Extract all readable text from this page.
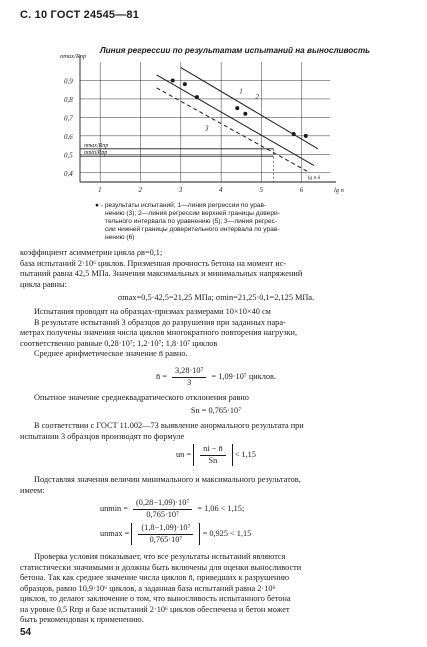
С. 10 ГОСТ 24545—81
Линия регрессии по результатам испытаний на выносливость
1	2	3	4	5	6
0,9
0,8
0,7
0,6
0,5
0,4
σmax/Rпр
σmin/Rпр
1
2
3
σmax/Rпр
lg n
lg n·δ
● - результаты испытаний; 1—линия регрессии по урав-
нению (3); 2—линия регрессии верхней границы довери-
тельного интервала по уравнению (5); 3—линия регрес-
сии нижней границы доверительного интервала по урав-
нению (6)
коэффициент асимметрии цикла ρв=0,1;
база испытаний 2·10⁶ циклов. Призменная прочность бетона на момент ис-
пытаний равна 42,5 МПа. Значения максимальных и минимальных напряжений
цикла равны:
σmax=0,5·42,5=21,25 МПа; σmin=21,25·0,1=2,125 МПа.
Испытания проводят на образцах-призмах размерами 10×10×40 см
В результате испытаний 3 образцов до разрушения при заданных пара-
метрах получены значения числа циклов многократного повторения нагрузки,
соответственно равные 0,28·10⁷; 1,2·10⁷; 1,8·10⁷ циклов
Среднее арифметическое значение n̄ равно.
n̄ = $\frac{\text{3,28·10⁷}}{3} = 1,09\cdot 10^7$ циклов.
Опытное значение среднеквадратического отклонения равно
Sn = 0,765·10⁷
В соответствии с ГОСТ 11.002—73 выявление анормального результата при
испытании 3 образцов производят по формуле
un = $\frac{ni - n̄}{Sn} < 1,15$
Подставляя значения величин минимального и максимального результатов,
имеем:
$unmin = \frac{\text{(0,28−1,09)·10⁷}}{\text{0,765·10⁷}} = 1,06 < 1,15$;
$unmax = \frac{\text{(1,8−1,09)·10⁷}}{\text{0,765·10⁷}} = 0,925 < 1,15$
Проверка условия показывает, что все результаты испытаний являются
статистически значимыми и должны быть включены для оценки выносливости
бетона. Так как среднее значение числа циклов n̄, приведших к разрушению
образцов, равно 10,9·10⁶ циклов, а заданная база испытаний равна 2·10⁶
циклов, то делают заключение о том, что выносливость испытанного бетона
на уровне 0,5 Rпр и базе испытаний 2·10⁶ циклов обеспечена и бетон может
быть рекомендован к применению.
54
